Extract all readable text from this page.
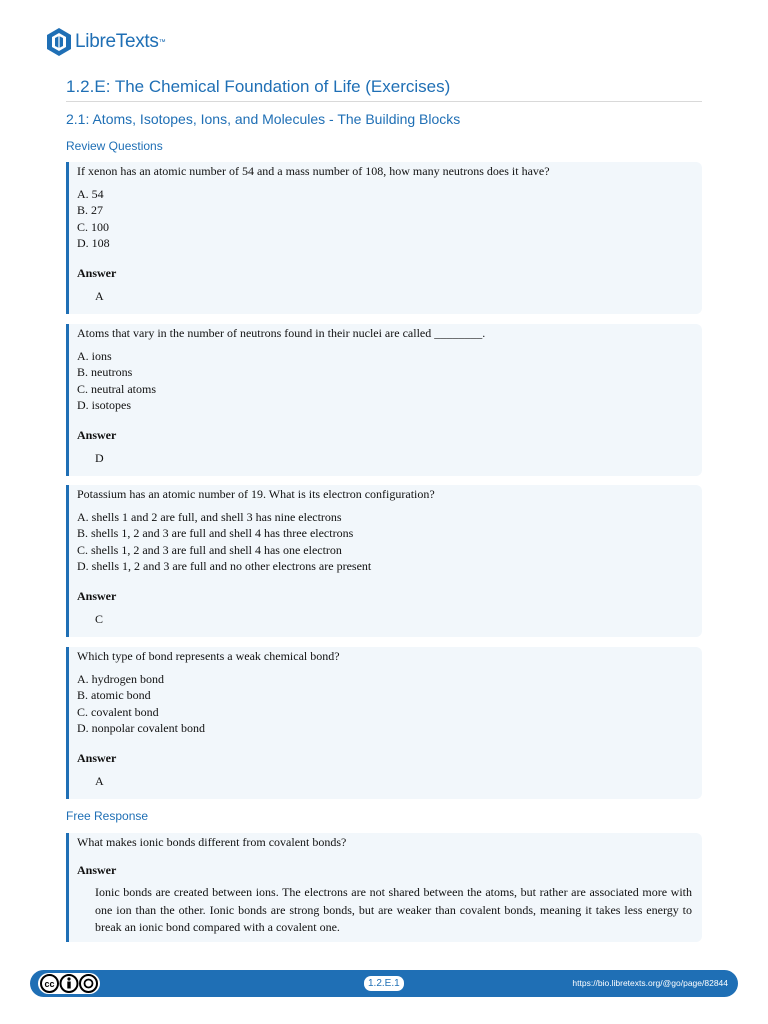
LibreTexts™
1.2.E: The Chemical Foundation of Life (Exercises)
2.1: Atoms, Isotopes, Ions, and Molecules - The Building Blocks
Review Questions
If xenon has an atomic number of 54 and a mass number of 108, how many neutrons does it have?
A. 54
B. 27
C. 100
D. 108
Answer
A
Atoms that vary in the number of neutrons found in their nuclei are called ________.
A. ions
B. neutrons
C. neutral atoms
D. isotopes
Answer
D
Potassium has an atomic number of 19. What is its electron configuration?
A. shells 1 and 2 are full, and shell 3 has nine electrons
B. shells 1, 2 and 3 are full and shell 4 has three electrons
C. shells 1, 2 and 3 are full and shell 4 has one electron
D. shells 1, 2 and 3 are full and no other electrons are present
Answer
C
Which type of bond represents a weak chemical bond?
A. hydrogen bond
B. atomic bond
C. covalent bond
D. nonpolar covalent bond
Answer
A
Free Response
What makes ionic bonds different from covalent bonds?
Answer
Ionic bonds are created between ions. The electrons are not shared between the atoms, but rather are associated more with one ion than the other. Ionic bonds are strong bonds, but are weaker than covalent bonds, meaning it takes less energy to break an ionic bond compared with a covalent one.
cc	1.2.E.1	https://bio.libretexts.org/@go/page/82844
